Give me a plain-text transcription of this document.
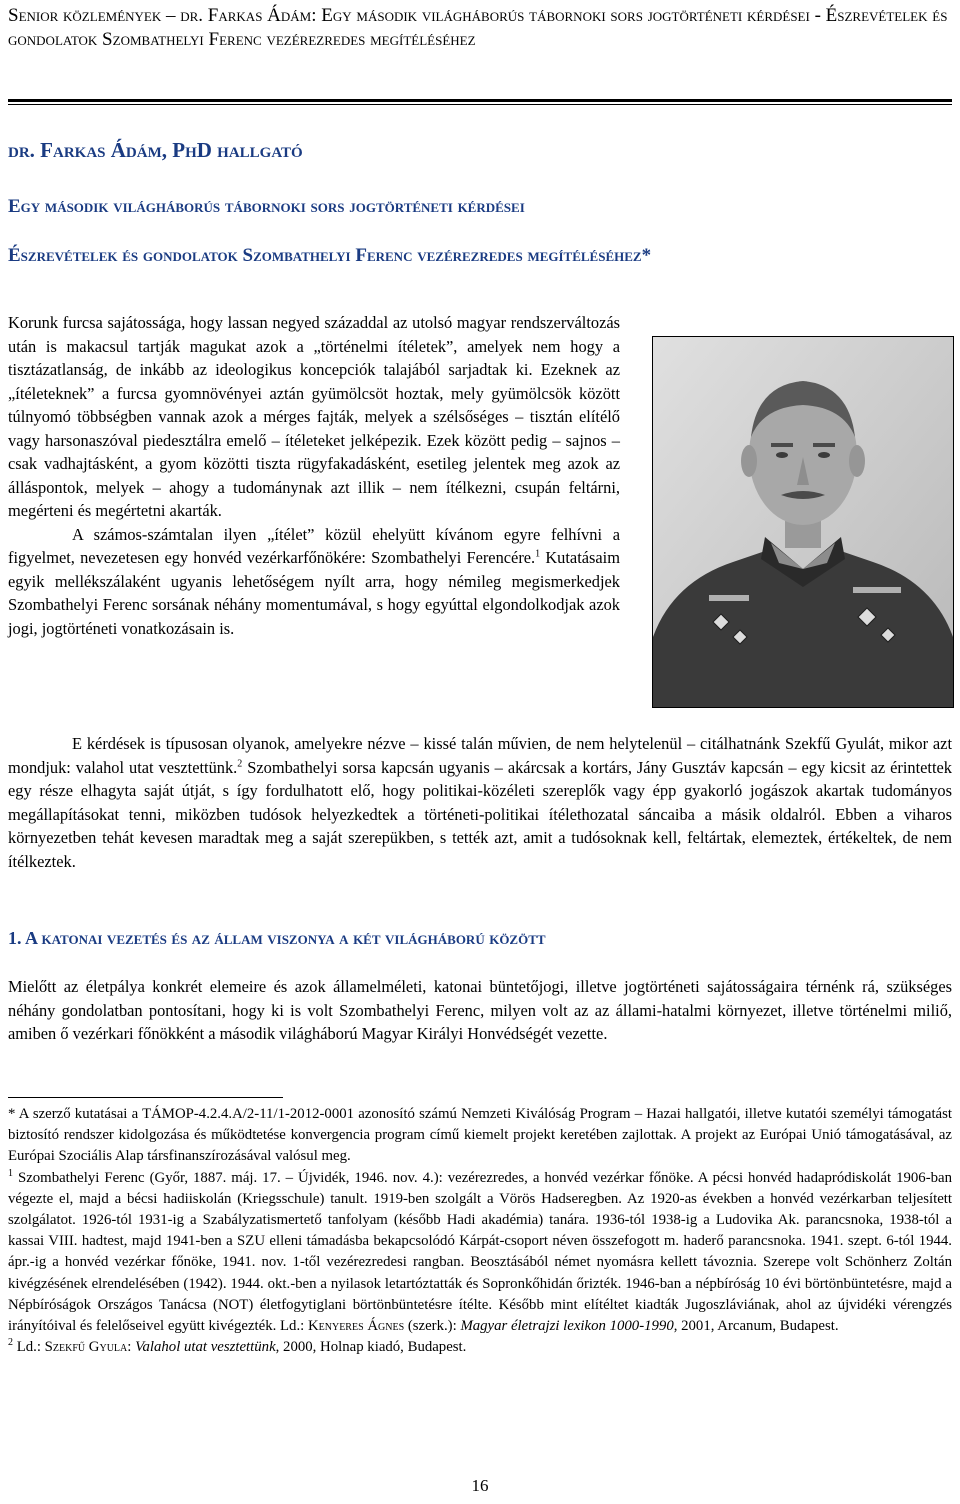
Senior közlemények – dr. Farkas Ádám: Egy második világháborús tábornoki sors jogtörténeti kérdései - Észrevételek és gondolatok Szombathelyi Ferenc vezérezredes megítéléséhez
dr. Farkas Ádám, PhD hallgató
Egy második világháborús tábornoki sors jogtörténeti kérdései
Észrevételek és gondolatok Szombathelyi Ferenc vezérezredes megítéléséhez*

Korunk furcsa sajátossága, hogy lassan negyed századdal az utolsó magyar rendszerváltozás után is makacsul tartják magukat azok a „történelmi ítéletek”, amelyek nem hogy a tisztázatlanság, de inkább az ideologikus koncepciók talajából sarjadtak ki. Ezeknek az „ítéleteknek” a furcsa gyomnövényei aztán gyümölcsöt hoztak, mely gyümölcsök között túlnyomó többségben vannak azok a mérges fajták, melyek a szélsőséges – tisztán elítélő vagy harsonaszóval piedesztálra emelő – ítéleteket jelképezik. Ezek között pedig – sajnos – csak vadhajtásként, a gyom közötti tiszta rügyfakadásként, esetileg jelentek meg azok az álláspontok, melyek – ahogy a tudománynak azt illik – nem ítélkezni, csupán feltárni, megérteni és megértetni akarták.

A számos-számtalan ilyen „ítélet” közül ehelyütt kívánom egyre felhívni a figyelmet, nevezetesen egy honvéd vezérkarfőnökére: Szombathelyi Ferencére.$^1$ Kutatásaim egyik mellékszálaként ugyanis lehetőségem nyílt arra, hogy némileg megismerkedjek Szombathelyi Ferenc sorsának néhány momentumával, s hogy egyúttal elgondolkodjak azok jogi, jogtörténeti vonatkozásain is.

E kérdések is típusosan olyanok, amelyekre nézve – kissé talán művien, de nem helytelenül – citálhatnánk Szekfű Gyulát, mikor azt mondjuk: valahol utat vesztettünk.$^2$ Szombathelyi sorsa kapcsán ugyanis – akárcsak a kortárs, Jány Gusztáv kapcsán – egy kicsit az érintettek egy része elhagyta saját útját, s így fordulhatott elő, hogy politikai-közéleti szereplők vagy épp gyakorló jogászok akartak tudományos megállapításokat tenni, miközben tudósok helyezkedtek a történeti-politikai ítélethozatal sáncaiba a másik oldalról. Ebben a viharos környezetben tehát kevesen maradtak meg a saját szerepükben, s tették azt, amit a tudósoknak kell, feltártak, elemeztek, értékeltek, de nem ítélkeztek.

1. A katonai vezetés és az állam viszonya a két világháború között

Mielőtt az életpálya konkrét elemeire és azok államelméleti, katonai büntetőjogi, illetve jogtörténeti sajátosságaira térnénk rá, szükséges néhány gondolatban pontosítani, hogy ki is volt Szombathelyi Ferenc, milyen volt az az állami-hatalmi környezet, illetve történelmi miliő, amiben ő vezérkari főnökként a második világháború Magyar Királyi Honvédségét vezette.

* A szerző kutatásai a TÁMOP-4.2.4.A/2-11/1-2012-0001 azonosító számú Nemzeti Kiválóság Program – Hazai hallgatói, illetve kutatói személyi támogatást biztosító rendszer kidolgozása és működtetése konvergencia program című kiemelt projekt keretében zajlottak. A projekt az Európai Unió támogatásával, az Európai Szociális Alap társfinanszírozásával valósul meg.

$^1$ Szombathelyi Ferenc (Győr, 1887. máj. 17. – Újvidék, 1946. nov. 4.): vezérezredes, a honvéd vezérkar főnöke. A pécsi honvéd hadapródiskolát 1906-ban végezte el, majd a bécsi hadiiskolán (Kriegsschule) tanult. 1919-ben szolgált a Vörös Hadseregben. Az 1920-as években a honvéd vezérkarban teljesített szolgálatot. 1926-tól 1931-ig a Szabályzatismertető tanfolyam (később Hadi akadémia) tanára. 1936-tól 1938-ig a Ludovika Ak. parancsnoka, 1938-tól a kassai VIII. hadtest, majd 1941-ben a SZU elleni támadásba bekapcsolódó Kárpát-csoport néven összefogott m. haderő parancsnoka. 1941. szept. 6-tól 1944. ápr.-ig a honvéd vezérkar főnöke, 1941. nov. 1-től vezérezredesi rangban. Beosztásából német nyomásra kellett távoznia. Szerepe volt Schönherz Zoltán kivégzésének elrendelésében (1942). 1944. okt.-ben a nyilasok letartóztatták és Sopronkőhidán őrizték. 1946-ban a népbíróság 10 évi börtönbüntetésre, majd a Népbíróságok Országos Tanácsa (NOT) életfogytiglani börtönbüntetésre ítélte. Később mint elítéltet kiadták Jugoszláviának, ahol az újvidéki vérengzés irányítóival és felelőseivel együtt kivégezték. Ld.: Kenyeres Ágnes (szerk.): Magyar életrajzi lexikon 1000-1990, 2001, Arcanum, Budapest.

$^2$ Ld.: Szekfű Gyula: Valahol utat vesztettünk, 2000, Holnap kiadó, Budapest.

16
